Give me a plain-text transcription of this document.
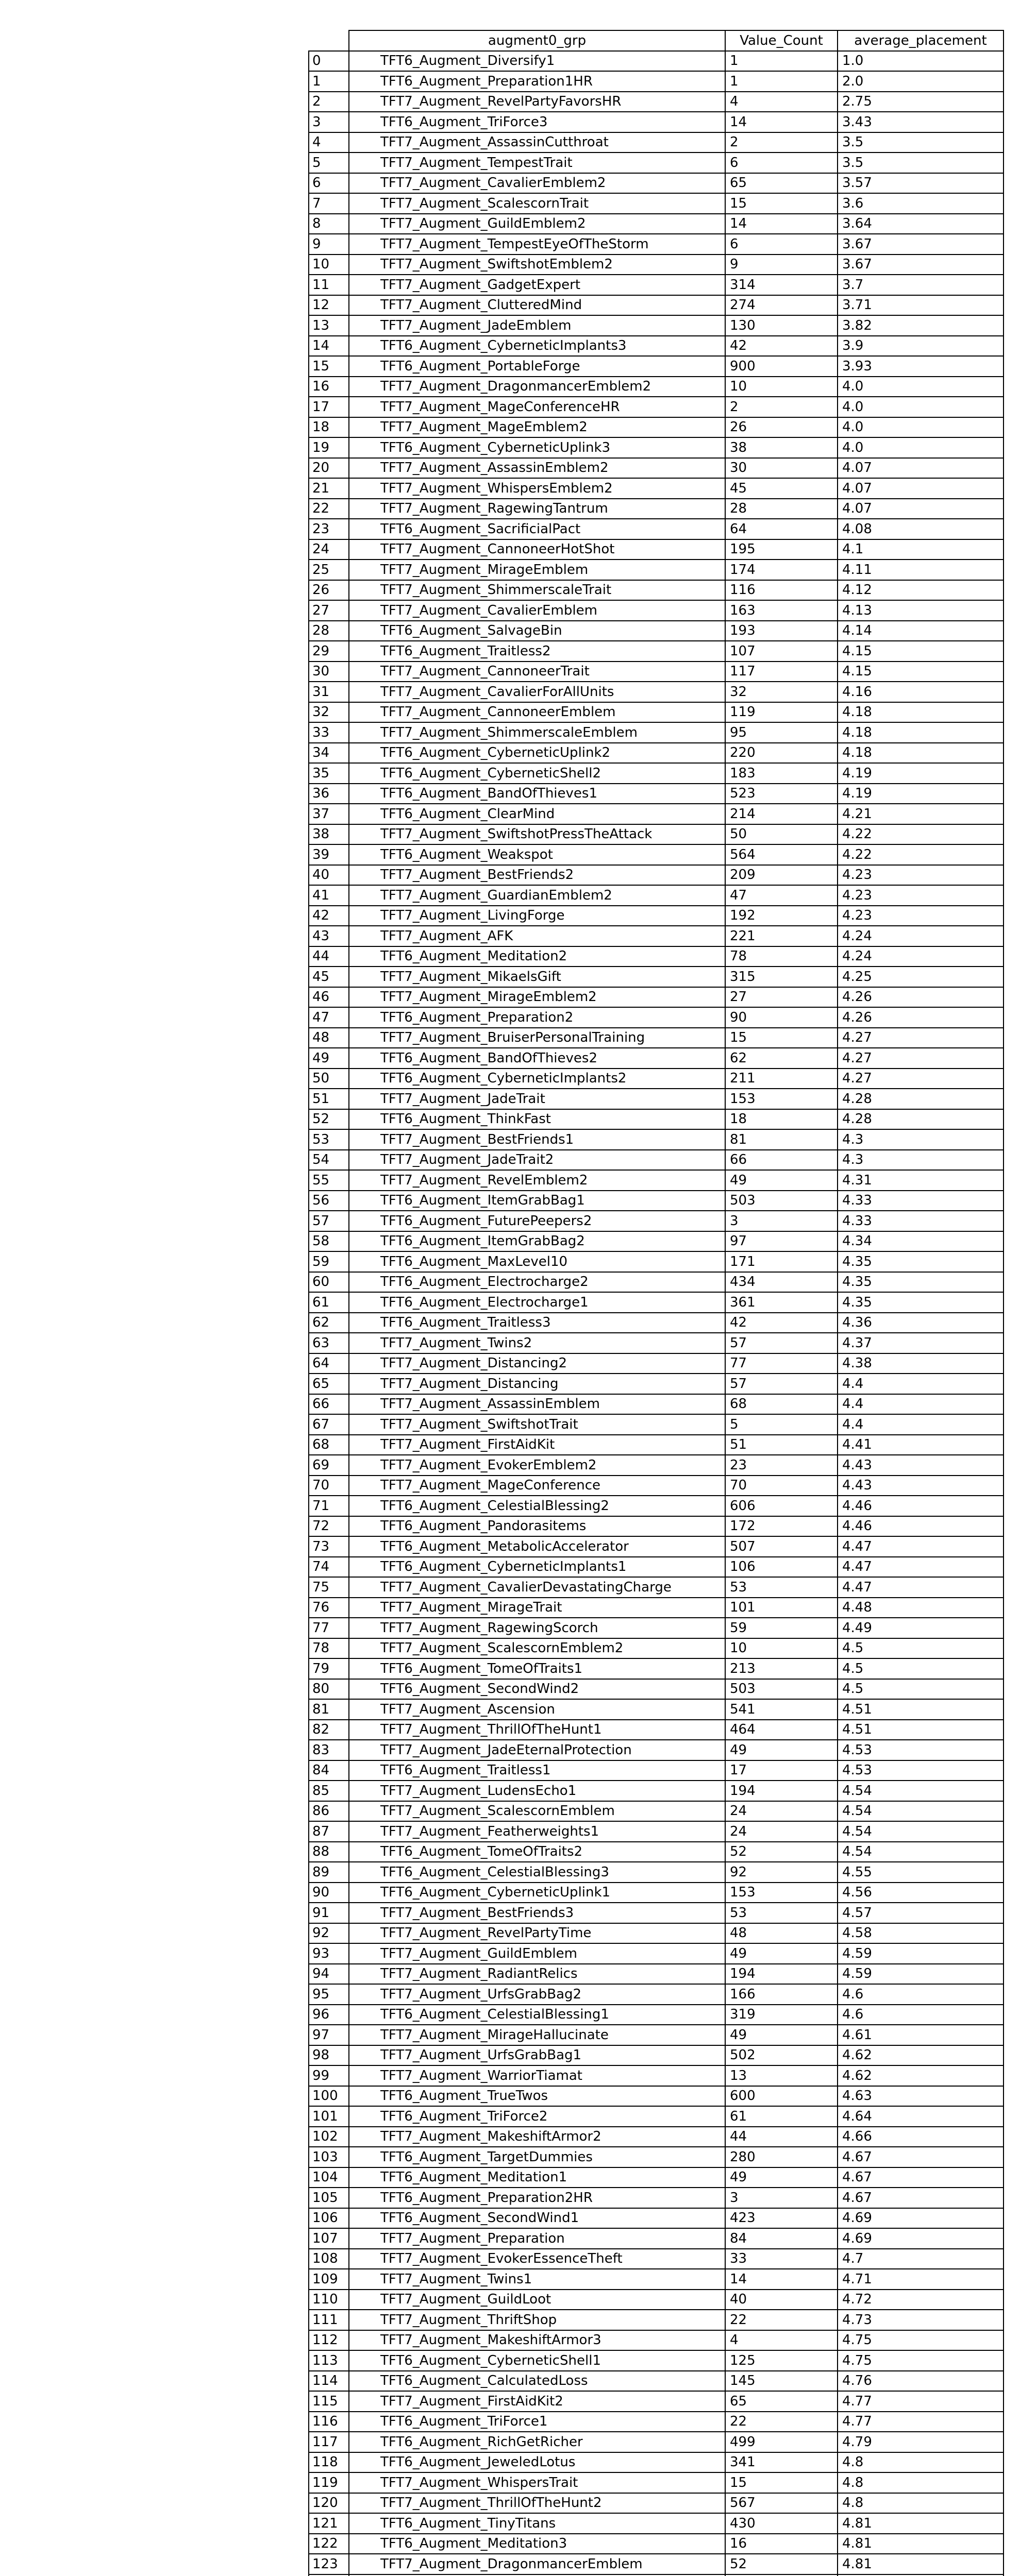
	augment0_grp	Value_Count	average_placement
0	TFT6_Augment_Diversify1	1	1.0
1	TFT6_Augment_Preparation1HR	1	2.0
2	TFT7_Augment_RevelPartyFavorsHR	4	2.75
3	TFT6_Augment_TriForce3	14	3.43
4	TFT7_Augment_AssassinCutthroat	2	3.5
5	TFT7_Augment_TempestTrait	6	3.5
6	TFT7_Augment_CavalierEmblem2	65	3.57
7	TFT7_Augment_ScalescornTrait	15	3.6
8	TFT7_Augment_GuildEmblem2	14	3.64
9	TFT7_Augment_TempestEyeOfTheStorm	6	3.67
10	TFT7_Augment_SwiftshotEmblem2	9	3.67
11	TFT7_Augment_GadgetExpert	314	3.7
12	TFT7_Augment_ClutteredMind	274	3.71
13	TFT7_Augment_JadeEmblem	130	3.82
14	TFT6_Augment_CyberneticImplants3	42	3.9
15	TFT6_Augment_PortableForge	900	3.93
16	TFT7_Augment_DragonmancerEmblem2	10	4.0
17	TFT7_Augment_MageConferenceHR	2	4.0
18	TFT7_Augment_MageEmblem2	26	4.0
19	TFT6_Augment_CyberneticUplink3	38	4.0
20	TFT7_Augment_AssassinEmblem2	30	4.07
21	TFT7_Augment_WhispersEmblem2	45	4.07
22	TFT7_Augment_RagewingTantrum	28	4.07
23	TFT6_Augment_SacrificialPact	64	4.08
24	TFT7_Augment_CannoneerHotShot	195	4.1
25	TFT7_Augment_MirageEmblem	174	4.11
26	TFT7_Augment_ShimmerscaleTrait	116	4.12
27	TFT7_Augment_CavalierEmblem	163	4.13
28	TFT6_Augment_SalvageBin	193	4.14
29	TFT6_Augment_Traitless2	107	4.15
30	TFT7_Augment_CannoneerTrait	117	4.15
31	TFT7_Augment_CavalierForAllUnits	32	4.16
32	TFT7_Augment_CannoneerEmblem	119	4.18
33	TFT7_Augment_ShimmerscaleEmblem	95	4.18
34	TFT6_Augment_CyberneticUplink2	220	4.18
35	TFT6_Augment_CyberneticShell2	183	4.19
36	TFT6_Augment_BandOfThieves1	523	4.19
37	TFT6_Augment_ClearMind	214	4.21
38	TFT7_Augment_SwiftshotPressTheAttack	50	4.22
39	TFT6_Augment_Weakspot	564	4.22
40	TFT7_Augment_BestFriends2	209	4.23
41	TFT7_Augment_GuardianEmblem2	47	4.23
42	TFT7_Augment_LivingForge	192	4.23
43	TFT7_Augment_AFK	221	4.24
44	TFT6_Augment_Meditation2	78	4.24
45	TFT7_Augment_MikaelsGift	315	4.25
46	TFT7_Augment_MirageEmblem2	27	4.26
47	TFT6_Augment_Preparation2	90	4.26
48	TFT7_Augment_BruiserPersonalTraining	15	4.27
49	TFT6_Augment_BandOfThieves2	62	4.27
50	TFT6_Augment_CyberneticImplants2	211	4.27
51	TFT7_Augment_JadeTrait	153	4.28
52	TFT6_Augment_ThinkFast	18	4.28
53	TFT7_Augment_BestFriends1	81	4.3
54	TFT7_Augment_JadeTrait2	66	4.3
55	TFT7_Augment_RevelEmblem2	49	4.31
56	TFT6_Augment_ItemGrabBag1	503	4.33
57	TFT6_Augment_FuturePeepers2	3	4.33
58	TFT6_Augment_ItemGrabBag2	97	4.34
59	TFT6_Augment_MaxLevel10	171	4.35
60	TFT6_Augment_Electrocharge2	434	4.35
61	TFT6_Augment_Electrocharge1	361	4.35
62	TFT6_Augment_Traitless3	42	4.36
63	TFT7_Augment_Twins2	57	4.37
64	TFT7_Augment_Distancing2	77	4.38
65	TFT7_Augment_Distancing	57	4.4
66	TFT7_Augment_AssassinEmblem	68	4.4
67	TFT7_Augment_SwiftshotTrait	5	4.4
68	TFT7_Augment_FirstAidKit	51	4.41
69	TFT7_Augment_EvokerEmblem2	23	4.43
70	TFT7_Augment_MageConference	70	4.43
71	TFT6_Augment_CelestialBlessing2	606	4.46
72	TFT6_Augment_Pandorasitems	172	4.46
73	TFT6_Augment_MetabolicAccelerator	507	4.47
74	TFT6_Augment_CyberneticImplants1	106	4.47
75	TFT7_Augment_CavalierDevastatingCharge	53	4.47
76	TFT7_Augment_MirageTrait	101	4.48
77	TFT7_Augment_RagewingScorch	59	4.49
78	TFT7_Augment_ScalescornEmblem2	10	4.5
79	TFT6_Augment_TomeOfTraits1	213	4.5
80	TFT6_Augment_SecondWind2	503	4.5
81	TFT7_Augment_Ascension	541	4.51
82	TFT7_Augment_ThrillOfTheHunt1	464	4.51
83	TFT7_Augment_JadeEternalProtection	49	4.53
84	TFT6_Augment_Traitless1	17	4.53
85	TFT7_Augment_LudensEcho1	194	4.54
86	TFT7_Augment_ScalescornEmblem	24	4.54
87	TFT7_Augment_Featherweights1	24	4.54
88	TFT6_Augment_TomeOfTraits2	52	4.54
89	TFT6_Augment_CelestialBlessing3	92	4.55
90	TFT6_Augment_CyberneticUplink1	153	4.56
91	TFT7_Augment_BestFriends3	53	4.57
92	TFT7_Augment_RevelPartyTime	48	4.58
93	TFT7_Augment_GuildEmblem	49	4.59
94	TFT7_Augment_RadiantRelics	194	4.59
95	TFT7_Augment_UrfsGrabBag2	166	4.6
96	TFT6_Augment_CelestialBlessing1	319	4.6
97	TFT7_Augment_MirageHallucinate	49	4.61
98	TFT7_Augment_UrfsGrabBag1	502	4.62
99	TFT7_Augment_WarriorTiamat	13	4.62
100	TFT6_Augment_TrueTwos	600	4.63
101	TFT6_Augment_TriForce2	61	4.64
102	TFT7_Augment_MakeshiftArmor2	44	4.66
103	TFT6_Augment_TargetDummies	280	4.67
104	TFT6_Augment_Meditation1	49	4.67
105	TFT6_Augment_Preparation2HR	3	4.67
106	TFT6_Augment_SecondWind1	423	4.69
107	TFT7_Augment_Preparation	84	4.69
108	TFT7_Augment_EvokerEssenceTheft	33	4.7
109	TFT7_Augment_Twins1	14	4.71
110	TFT7_Augment_GuildLoot	40	4.72
111	TFT7_Augment_ThriftShop	22	4.73
112	TFT7_Augment_MakeshiftArmor3	4	4.75
113	TFT6_Augment_CyberneticShell1	125	4.75
114	TFT6_Augment_CalculatedLoss	145	4.76
115	TFT7_Augment_FirstAidKit2	65	4.77
116	TFT6_Augment_TriForce1	22	4.77
117	TFT6_Augment_RichGetRicher	499	4.79
118	TFT6_Augment_JeweledLotus	341	4.8
119	TFT7_Augment_WhispersTrait	15	4.8
120	TFT7_Augment_ThrillOfTheHunt2	567	4.8
121	TFT6_Augment_TinyTitans	430	4.81
122	TFT6_Augment_Meditation3	16	4.81
123	TFT7_Augment_DragonmancerEmblem	52	4.81
